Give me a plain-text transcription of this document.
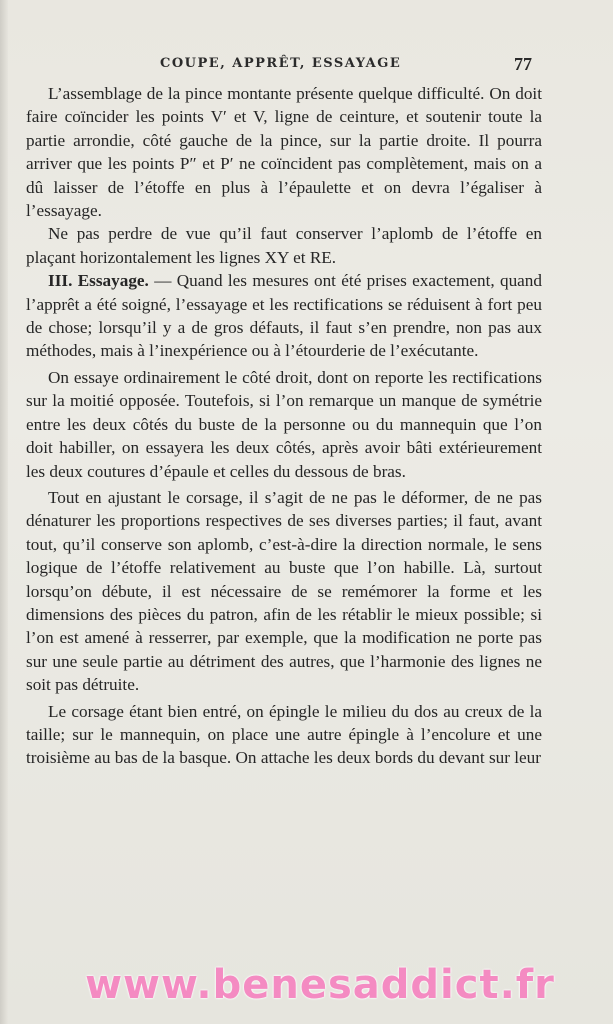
COUPE, APPRÊT, ESSAYAGE	77

L’assemblage de la pince montante présente quelque difficulté. On doit faire coïncider les points V′ et V, ligne de ceinture, et soutenir toute la partie arrondie, côté gauche de la pince, sur la partie droite. Il pourra arriver que les points P″ et P′ ne coïncident pas complètement, mais on a dû laisser de l’étoffe en plus à l’épaulette et on devra l’égaliser à l’essayage.

Ne pas perdre de vue qu’il faut conserver l’aplomb de l’étoffe en plaçant horizontalement les lignes XY et RE.

III. Essayage. — Quand les mesures ont été prises exactement, quand l’apprêt a été soigné, l’essayage et les rectifications se réduisent à fort peu de chose; lorsqu’il y a de gros défauts, il faut s’en prendre, non pas aux méthodes, mais à l’inexpérience ou à l’étourderie de l’exécutante.

On essaye ordinairement le côté droit, dont on reporte les rectifications sur la moitié opposée. Toutefois, si l’on remarque un manque de symétrie entre les deux côtés du buste de la personne ou du mannequin que l’on doit habiller, on essayera les deux côtés, après avoir bâti extérieurement les deux coutures d’épaule et celles du dessous de bras.

Tout en ajustant le corsage, il s’agit de ne pas le déformer, de ne pas dénaturer les proportions respectives de ses diverses parties; il faut, avant tout, qu’il conserve son aplomb, c’est-à-dire la direction normale, le sens logique de l’étoffe relativement au buste que l’on habille. Là, surtout lorsqu’on débute, il est nécessaire de se remémorer la forme et les dimensions des pièces du patron, afin de les rétablir le mieux possible; si l’on est amené à resserrer, par exemple, que la modification ne porte pas sur une seule partie au détriment des autres, que l’harmonie des lignes ne soit pas détruite.

Le corsage étant bien entré, on épingle le milieu du dos au creux de la taille; sur le mannequin, on place une autre épingle à l’encolure et une troisième au bas de la basque. On attache les deux bords du devant sur leur

www.benesaddict.fr
